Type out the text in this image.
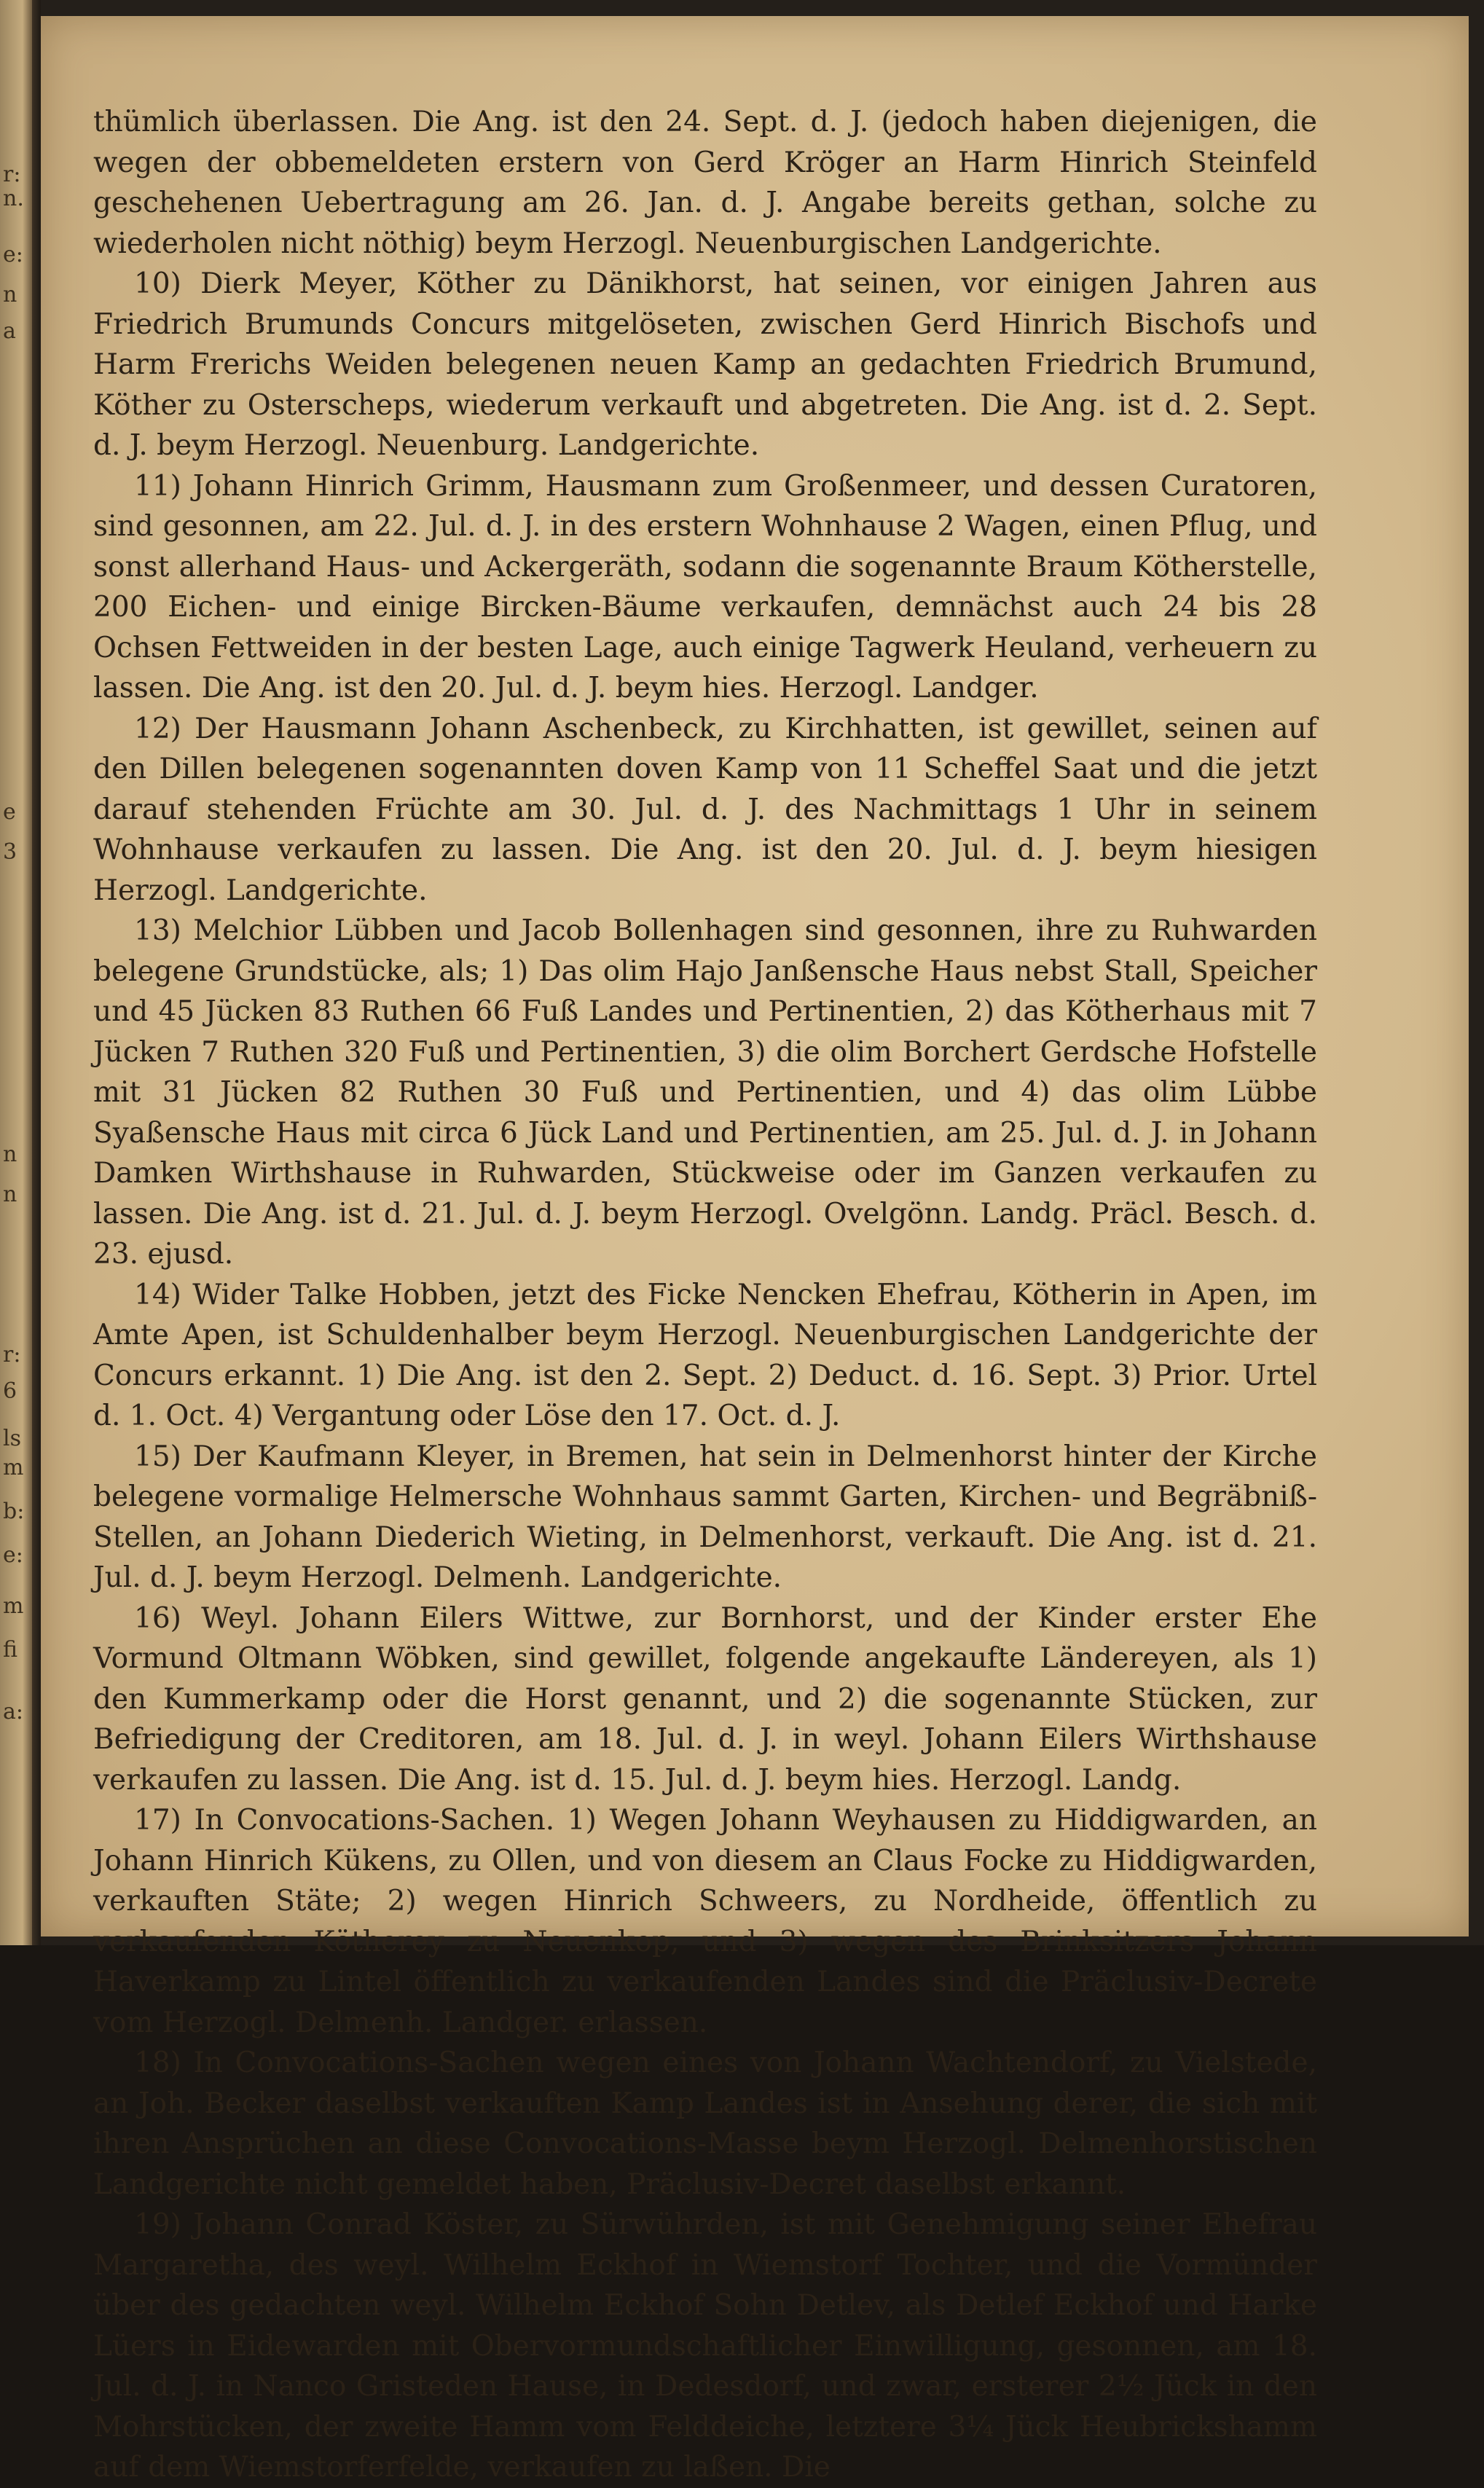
r:
n.
e:
n
a
e
3
n
n
r:
6
ls
m
b:
e:
m
fi
a:

thümlich überlassen. Die Ang. ist den 24. Sept. d. J. (jedoch haben diejenigen, die wegen der obbemeldeten erstern von Gerd Kröger an Harm Hinrich Steinfeld geschehenen Uebertragung am 26. Jan. d. J. Angabe bereits gethan, solche zu wiederholen nicht nöthig) beym Herzogl. Neuenburgischen Landgerichte.

10) Dierk Meyer, Köther zu Dänikhorst, hat seinen, vor einigen Jahren aus Friedrich Brumunds Concurs mitgelöseten, zwischen Gerd Hinrich Bischofs und Harm Frerichs Weiden belegenen neuen Kamp an gedachten Friedrich Brumund, Köther zu Osterscheps, wiederum verkauft und abgetreten. Die Ang. ist d. 2. Sept. d. J. beym Herzogl. Neuenburg. Landgerichte.

11) Johann Hinrich Grimm, Hausmann zum Großenmeer, und dessen Curatoren, sind gesonnen, am 22. Jul. d. J. in des erstern Wohnhause 2 Wagen, einen Pflug, und sonst allerhand Haus- und Ackergeräth, sodann die sogenannte Braum Kötherstelle, 200 Eichen- und einige Bircken-Bäume verkaufen, demnächst auch 24 bis 28 Ochsen Fettweiden in der besten Lage, auch einige Tagwerk Heuland, verheuern zu lassen. Die Ang. ist den 20. Jul. d. J. beym hies. Herzogl. Landger.

12) Der Hausmann Johann Aschenbeck, zu Kirchhatten, ist gewillet, seinen auf den Dillen belegenen sogenannten doven Kamp von 11 Scheffel Saat und die jetzt darauf stehenden Früchte am 30. Jul. d. J. des Nachmittags 1 Uhr in seinem Wohnhause verkaufen zu lassen. Die Ang. ist den 20. Jul. d. J. beym hiesigen Herzogl. Landgerichte.

13) Melchior Lübben und Jacob Bollenhagen sind gesonnen, ihre zu Ruhwarden belegene Grundstücke, als; 1) Das olim Hajo Janßensche Haus nebst Stall, Speicher und 45 Jücken 83 Ruthen 66 Fuß Landes und Pertinentien, 2) das Kötherhaus mit 7 Jücken 7 Ruthen 320 Fuß und Pertinentien, 3) die olim Borchert Gerdsche Hofstelle mit 31 Jücken 82 Ruthen 30 Fuß und Pertinentien, und 4) das olim Lübbe Syaßensche Haus mit circa 6 Jück Land und Pertinentien, am 25. Jul. d. J. in Johann Damken Wirthshause in Ruhwarden, Stückweise oder im Ganzen verkaufen zu lassen. Die Ang. ist d. 21. Jul. d. J. beym Herzogl. Ovelgönn. Landg. Präcl. Besch. d. 23. ejusd.

14) Wider Talke Hobben, jetzt des Ficke Nencken Ehefrau, Kötherin in Apen, im Amte Apen, ist Schuldenhalber beym Herzogl. Neuenburgischen Landgerichte der Concurs erkannt. 1) Die Ang. ist den 2. Sept. 2) Deduct. d. 16. Sept. 3) Prior. Urtel d. 1. Oct. 4) Vergantung oder Löse den 17. Oct. d. J.

15) Der Kaufmann Kleyer, in Bremen, hat sein in Delmenhorst hinter der Kirche belegene vormalige Helmersche Wohnhaus sammt Garten, Kirchen- und Begräbniß-Stellen, an Johann Diederich Wieting, in Delmenhorst, verkauft. Die Ang. ist d. 21. Jul. d. J. beym Herzogl. Delmenh. Landgerichte.

16) Weyl. Johann Eilers Wittwe, zur Bornhorst, und der Kinder erster Ehe Vormund Oltmann Wöbken, sind gewillet, folgende angekaufte Ländereyen, als 1) den Kummerkamp oder die Horst genannt, und 2) die sogenannte Stücken, zur Befriedigung der Creditoren, am 18. Jul. d. J. in weyl. Johann Eilers Wirthshause verkaufen zu lassen. Die Ang. ist d. 15. Jul. d. J. beym hies. Herzogl. Landg.

17) In Convocations-Sachen. 1) Wegen Johann Weyhausen zu Hiddigwarden, an Johann Hinrich Kükens, zu Ollen, und von diesem an Claus Focke zu Hiddigwarden, verkauften Stäte; 2) wegen Hinrich Schweers, zu Nordheide, öffentlich zu verkaufenden Kötherey zu Neuenkop, und 3) wegen des Brinksitzers Johann Haverkamp zu Lintel öffentlich zu verkaufenden Landes sind die Präclusiv-Decrete vom Herzogl. Delmenh. Landger. erlassen.

18) In Convocations-Sachen wegen eines von Johann Wachtendorf, zu Vielstede, an Joh. Becker daselbst verkauften Kamp Landes ist in Ansehung derer, die sich mit ihren Ansprüchen an diese Convocations-Masse beym Herzogl. Delmenhorstischen Landgerichte nicht gemeldet haben, Präclusiv-Decret daselbst erkannt.

19) Johann Conrad Köster, zu Sürwührden, ist mit Genehmigung seiner Ehefrau Margaretha, des weyl. Wilhelm Eckhof in Wiemstorf Tochter, und die Vormünder über des gedachten weyl. Wilhelm Eckhof Sohn Detlev, als Detlef Eckhof und Harke Lüers in Eidewarden mit Obervormundschaftlicher Einwilligung, gesonnen, am 18. Jul. d. J. in Nanco Gristeden Hause, in Dedesdorf, und zwar, ersterer 2½ Jück in den Mohrstücken, der zweite Hamm vom Felddeiche, letztere 3¼ Jück Heubrickshamm auf dem Wiemstorferfelde, verkaufen zu laßen. Die
